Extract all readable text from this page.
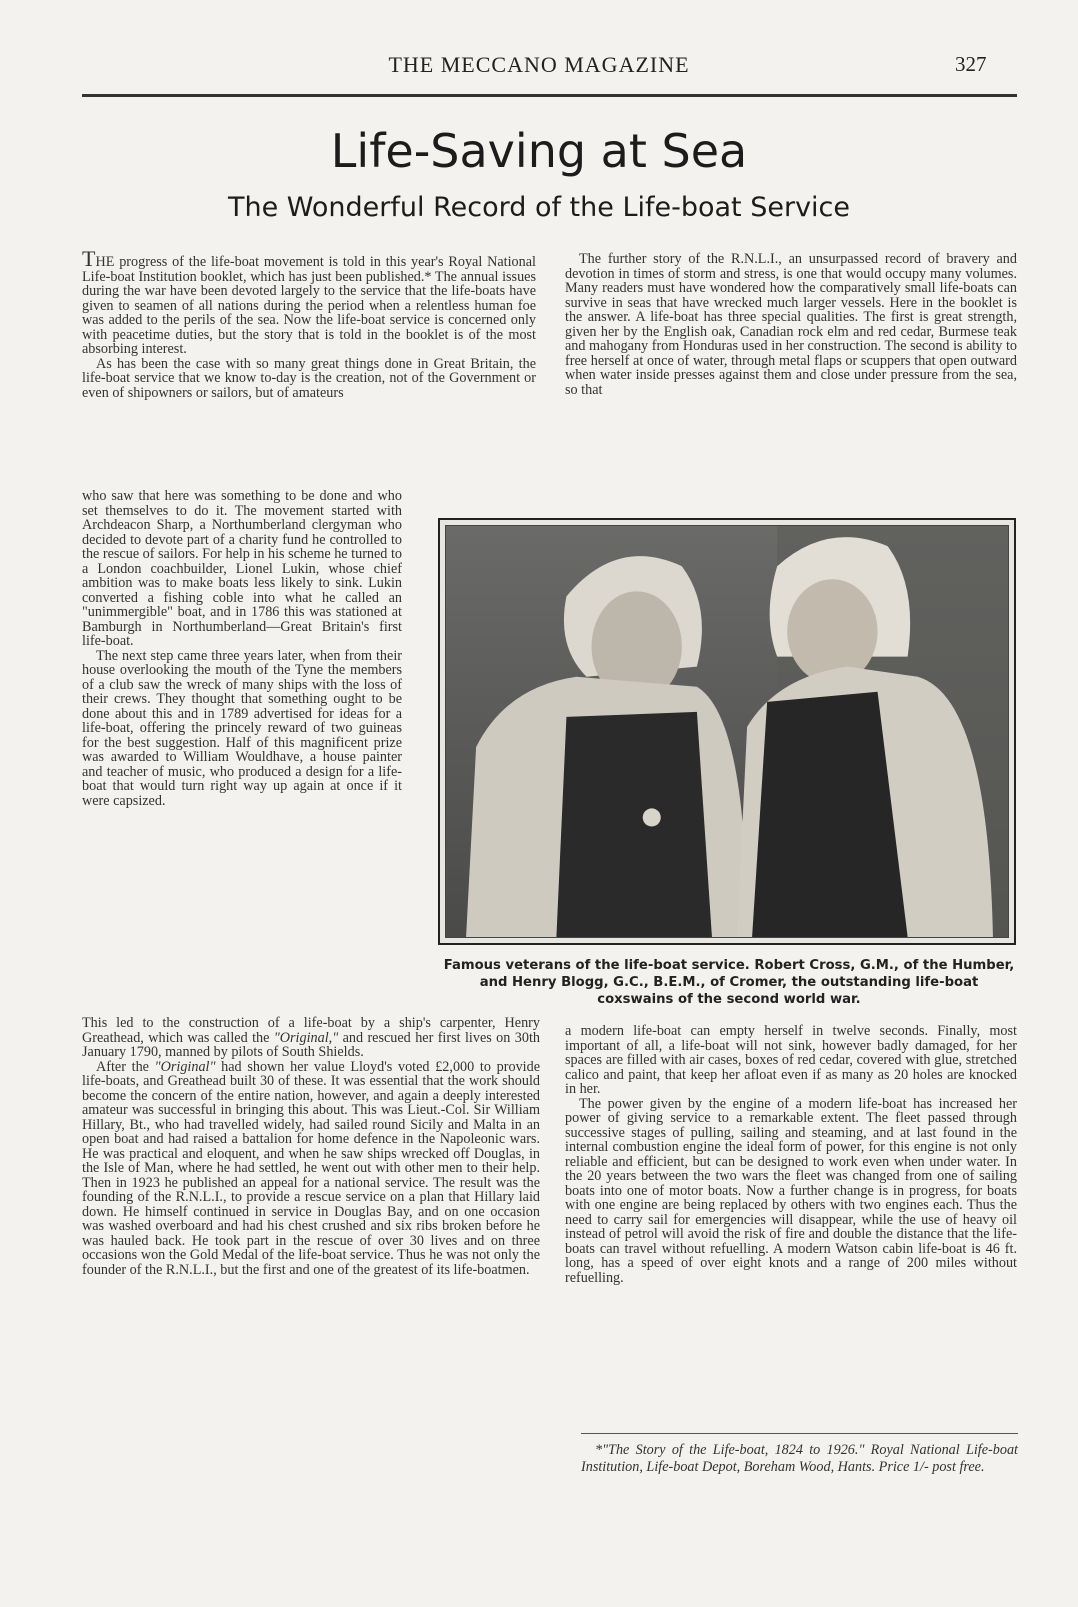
THE MECCANO MAGAZINE	327
Life-Saving at Sea
The Wonderful Record of the Life-boat Service

THE progress of the life-boat movement is told in this year's Royal National Life-boat Institution booklet, which has just been published.* The annual issues during the war have been devoted largely to the service that the life-boats have given to seamen of all nations during the period when a relentless human foe was added to the perils of the sea. Now the life-boat service is concerned only with peacetime duties, but the story that is told in the booklet is of the most absorbing interest.

As has been the case with so many great things done in Great Britain, the life-boat service that we know to-day is the creation, not of the Government or even of shipowners or sailors, but of amateurs

who saw that here was something to be done and who set themselves to do it. The movement started with Archdeacon Sharp, a Northumberland clergyman who decided to devote part of a charity fund he controlled to the rescue of sailors. For help in his scheme he turned to a London coachbuilder, Lionel Lukin, whose chief ambition was to make boats less likely to sink. Lukin converted a fishing coble into what he called an "unimmergible" boat, and in 1786 this was stationed at Bamburgh in Northumberland—Great Britain's first life-boat.

The next step came three years later, when from their house overlooking the mouth of the Tyne the members of a club saw the wreck of many ships with the loss of their crews. They thought that something ought to be done about this and in 1789 advertised for ideas for a life-boat, offering the princely reward of two guineas for the best suggestion. Half of this magnificent prize was awarded to William Wouldhave, a house painter and teacher of music, who produced a design for a life-boat that would turn right way up again at once if it were capsized.

This led to the construction of a life-boat by a ship's carpenter, Henry Greathead, which was called the "Original," and rescued her first lives on 30th January 1790, manned by pilots of South Shields.

After the "Original" had shown her value Lloyd's voted £2,000 to provide life-boats, and Greathead built 30 of these. It was essential that the work should become the concern of the entire nation, however, and again a deeply interested amateur was successful in bringing this about. This was Lieut.-Col. Sir William Hillary, Bt., who had travelled widely, had sailed round Sicily and Malta in an open boat and had raised a battalion for home defence in the Napoleonic wars. He was practical and eloquent, and when he saw ships wrecked off Douglas, in the Isle of Man, where he had settled, he went out with other men to their help. Then in 1923 he published an appeal for a national service. The result was the founding of the R.N.L.I., to provide a rescue service on a plan that Hillary laid down. He himself continued in service in Douglas Bay, and on one occasion was washed overboard and had his chest crushed and six ribs broken before he was hauled back. He took part in the rescue of over 30 lives and on three occasions won the Gold Medal of the life-boat service. Thus he was not only the founder of the R.N.L.I., but the first and one of the greatest of its life-boatmen.

The further story of the R.N.L.I., an unsurpassed record of bravery and devotion in times of storm and stress, is one that would occupy many volumes. Many readers must have wondered how the comparatively small life-boats can survive in seas that have wrecked much larger vessels. Here in the booklet is the answer. A life-boat has three special qualities. The first is great strength, given her by the English oak, Canadian rock elm and red cedar, Burmese teak and mahogany from Honduras used in her construction. The second is ability to free herself at once of water, through metal flaps or scuppers that open outward when water inside presses against them and close under pressure from the sea, so that

Famous veterans of the life-boat service. Robert Cross, G.M., of the Humber, and Henry Blogg, G.C., B.E.M., of Cromer, the outstanding life-boat coxswains of the second world war.

a modern life-boat can empty herself in twelve seconds. Finally, most important of all, a life-boat will not sink, however badly damaged, for her spaces are filled with air cases, boxes of red cedar, covered with glue, stretched calico and paint, that keep her afloat even if as many as 20 holes are knocked in her.

The power given by the engine of a modern life-boat has increased her power of giving service to a remarkable extent. The fleet passed through successive stages of pulling, sailing and steaming, and at last found in the internal combustion engine the ideal form of power, for this engine is not only reliable and efficient, but can be designed to work even when under water. In the 20 years between the two wars the fleet was changed from one of sailing boats into one of motor boats. Now a further change is in progress, for boats with one engine are being replaced by others with two engines each. Thus the need to carry sail for emergencies will disappear, while the use of heavy oil instead of petrol will avoid the risk of fire and double the distance that the life-boats can travel without refuelling. A modern Watson cabin life-boat is 46 ft. long, has a speed of over eight knots and a range of 200 miles without refuelling.

*"The Story of the Life-boat, 1824 to 1926." Royal National Life-boat Institution, Life-boat Depot, Boreham Wood, Hants. Price 1/- post free.
